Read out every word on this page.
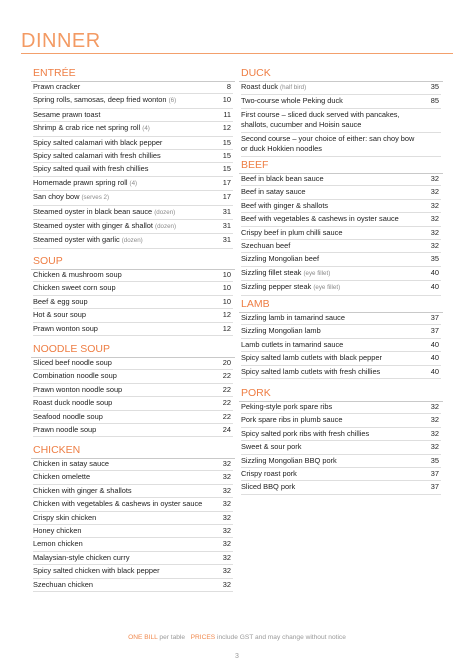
DINNER
ENTRÉE
Prawn cracker	8
Spring rolls, samosas, deep fried wonton (6)	10
Sesame prawn toast	11
Shrimp & crab rice net spring roll (4)	12
Spicy salted calamari with black pepper	15
Spicy salted calamari with fresh chillies	15
Spicy salted quail with fresh chillies	15
Homemade prawn spring roll (4)	17
San choy bow (serves 2)	17
Steamed oyster in black bean sauce (dozen)	31
Steamed oyster with ginger & shallot (dozen)	31
Steamed oyster with garlic (dozen)	31
SOUP
Chicken & mushroom soup	10
Chicken sweet corn soup	10
Beef & egg soup	10
Hot & sour soup	12
Prawn wonton soup	12
NOODLE SOUP
Sliced beef noodle soup	20
Combination noodle soup	22
Prawn wonton noodle soup	22
Roast duck noodle soup	22
Seafood noodle soup	22
Prawn noodle soup	24
CHICKEN
Chicken in satay sauce	32
Chicken omelette	32
Chicken with ginger & shallots	32
Chicken with vegetables & cashews in oyster sauce	32
Crispy skin chicken	32
Honey chicken	32
Lemon chicken	32
Malaysian-style chicken curry	32
Spicy salted chicken with black pepper	32
Szechuan chicken	32
DUCK
Roast duck (half bird)	35
Two-course whole Peking duck	85
First course – sliced duck served with pancakes, shallots, cucumber and Hoisin sauce
Second course – your choice of either: san choy bow or duck Hokkien noodles
BEEF
Beef in black bean sauce	32
Beef in satay sauce	32
Beef with ginger & shallots	32
Beef with vegetables & cashews in oyster sauce	32
Crispy beef in plum chilli sauce	32
Szechuan beef	32
Sizzling Mongolian beef	35
Sizzling fillet steak (eye fillet)	40
Sizzling pepper steak (eye fillet)	40
LAMB
Sizzling lamb in tamarind sauce	37
Sizzling Mongolian lamb	37
Lamb cutlets in tamarind sauce	40
Spicy salted lamb cutlets with black pepper	40
Spicy salted lamb cutlets with fresh chillies	40
PORK
Peking-style pork spare ribs	32
Pork spare ribs in plumb sauce	32
Spicy salted pork ribs with fresh chillies	32
Sweet & sour pork	32
Sizzling Mongolian BBQ pork	35
Crispy roast pork	37
Sliced BBQ pork	37
ONE BILL per table PRICES include GST and may change without notice
3
